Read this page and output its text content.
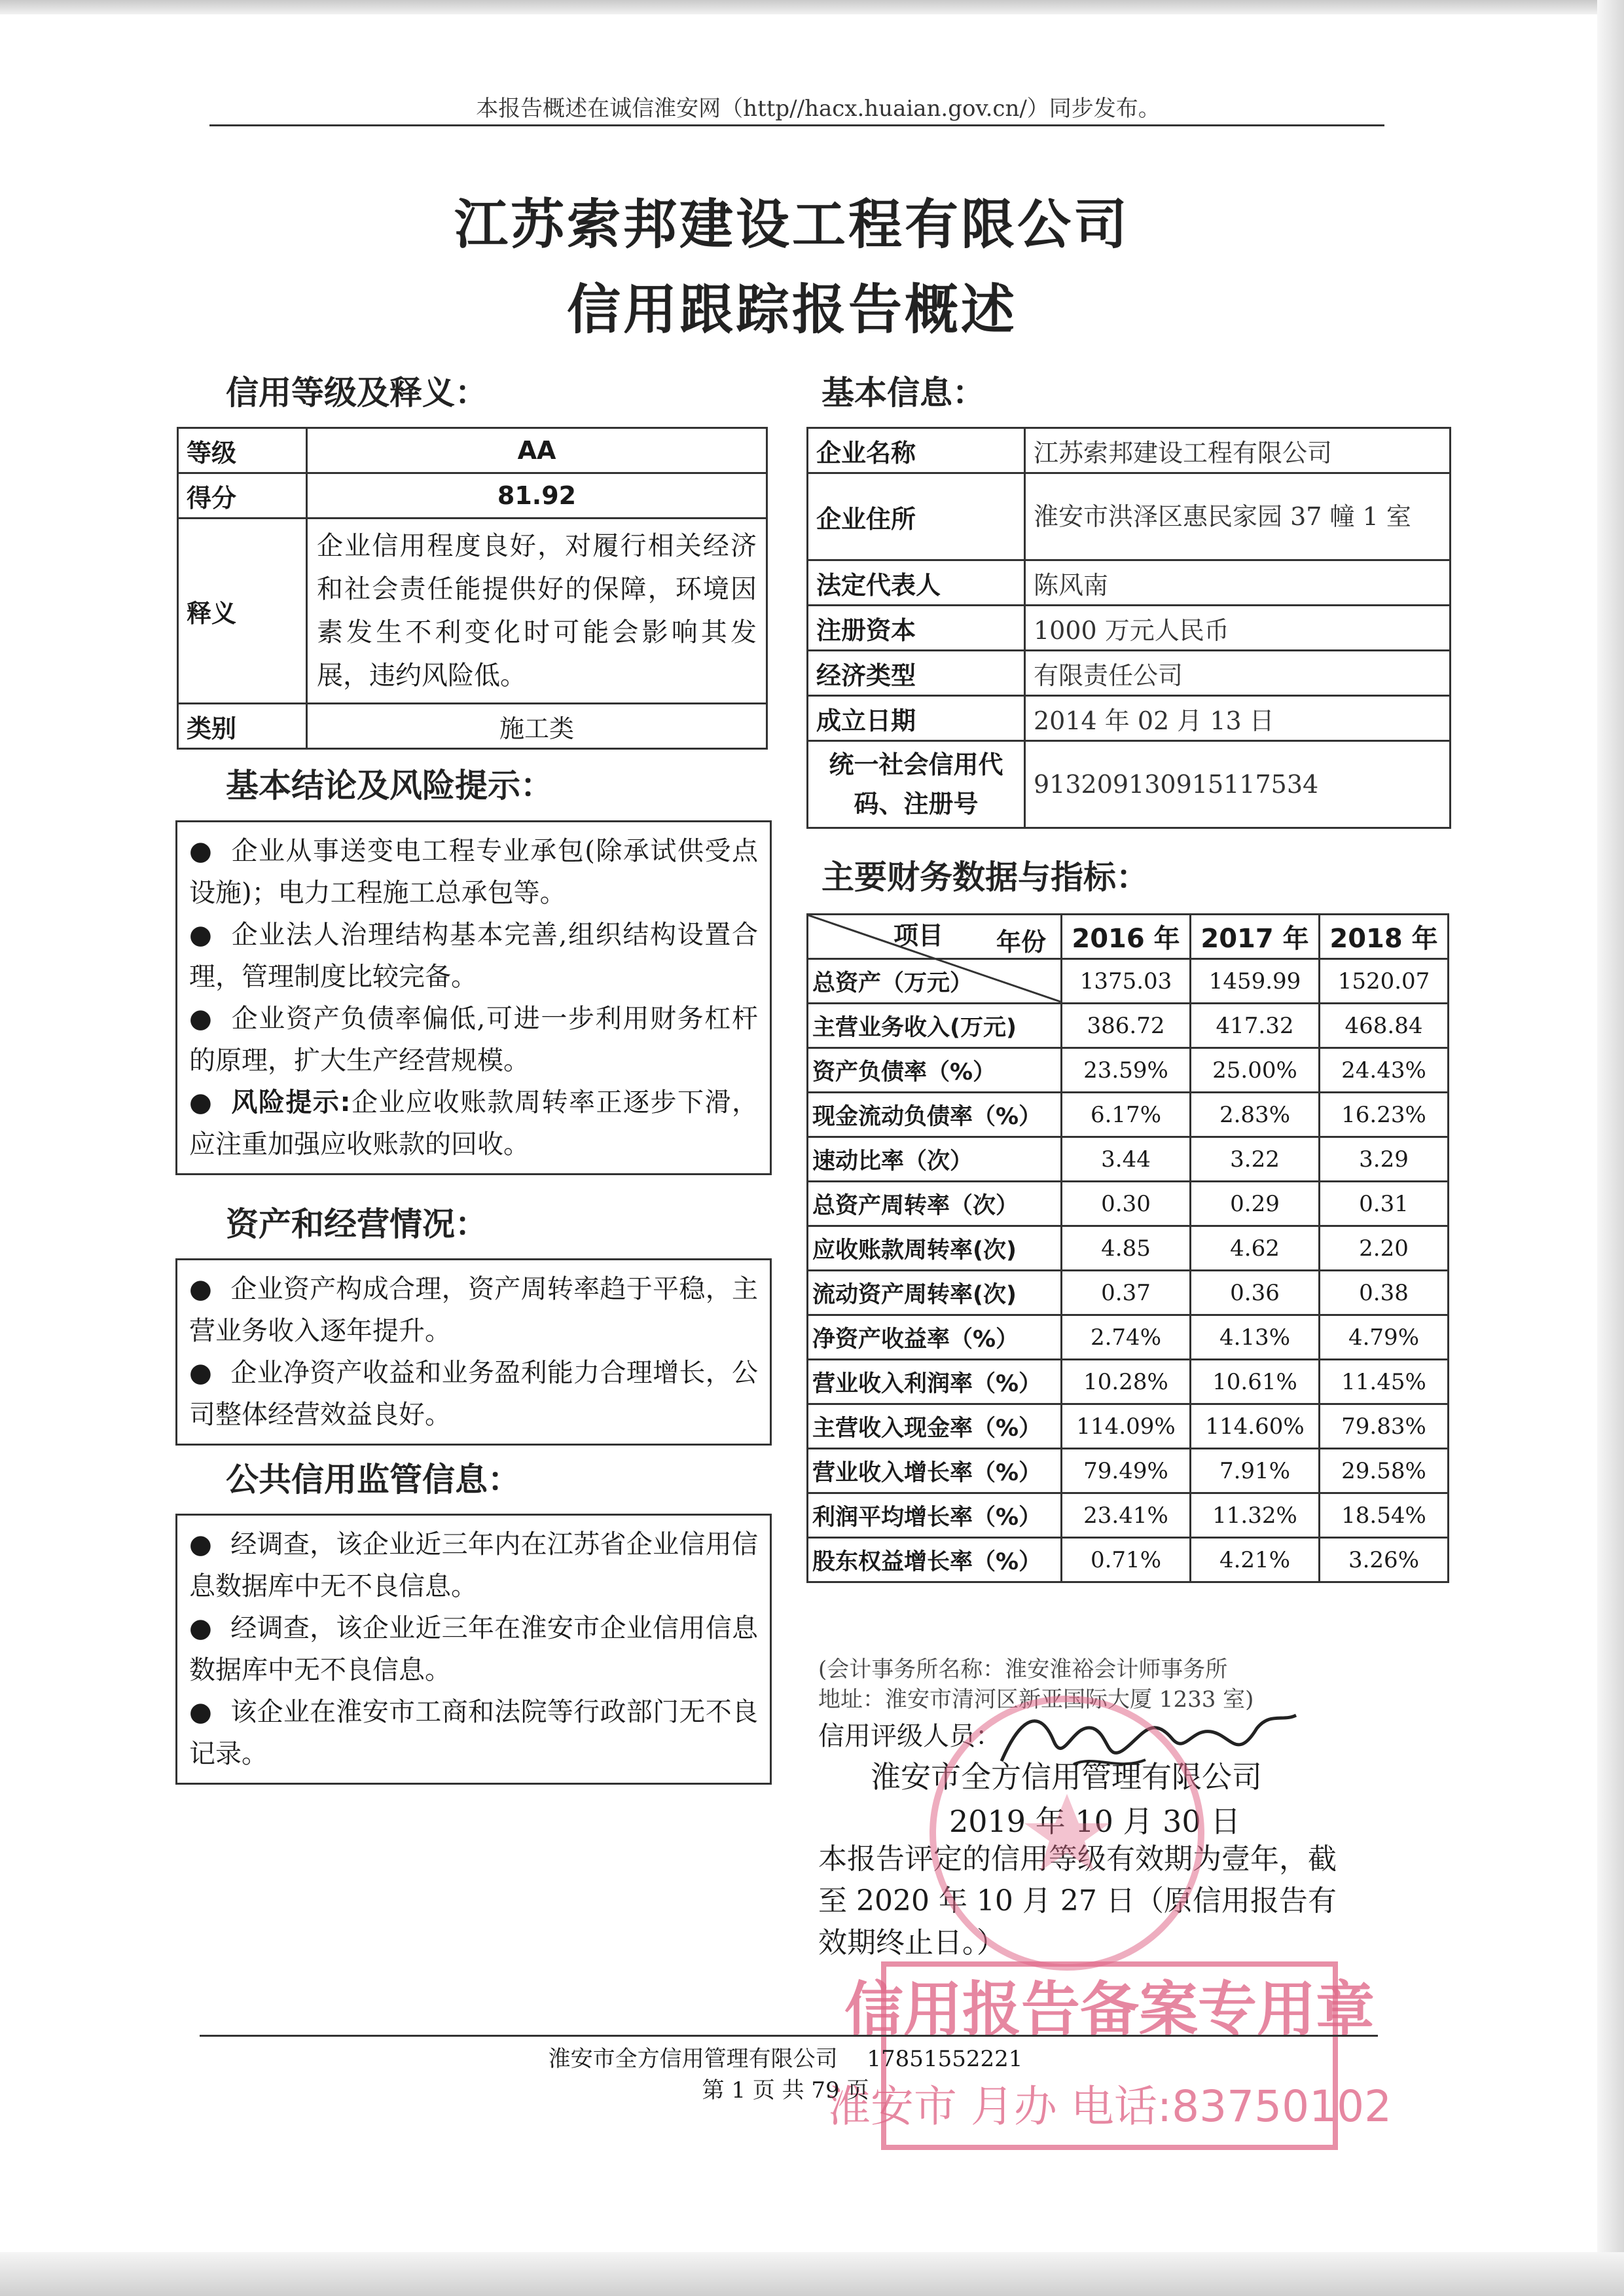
本报告概述在诚信淮安网（http//hacx.huaian.gov.cn/）同步发布。
江苏索邦建设工程有限公司
信用跟踪报告概述
信用等级及释义：
等级	AA
得分	81.92
释义	企业信用程度良好，对履行相关经济和社会责任能提供好的保障，环境因素发生不利变化时可能会影响其发展，违约风险低。
类别	施工类
基本结论及风险提示：

● 企业从事送变电工程专业承包(除承试供受点设施)；电力工程施工总承包等。

● 企业法人治理结构基本完善,组织结构设置合理，管理制度比较完备。

● 企业资产负债率偏低,可进一步利用财务杠杆的原理，扩大生产经营规模。

● 风险提示:企业应收账款周转率正逐步下滑，应注重加强应收账款的回收。

资产和经营情况：

● 企业资产构成合理，资产周转率趋于平稳，主营业务收入逐年提升。

● 企业净资产收益和业务盈利能力合理增长，公司整体经营效益良好。

公共信用监管信息：

● 经调查，该企业近三年内在江苏省企业信用信息数据库中无不良信息。

● 经调查，该企业近三年在淮安市企业信用信息数据库中无不良信息。

● 该企业在淮安市工商和法院等行政部门无不良记录。

基本信息：
企业名称	江苏索邦建设工程有限公司
企业住所	淮安市洪泽区惠民家园 37 幢 1 室
法定代表人	陈风南
注册资本	1000 万元人民币
经济类型	有限责任公司
成立日期	2014 年 02 月 13 日
统一社会信用代码、注册号	91320913091511753​4
主要财务数据与指标：
年份
项目	2016 年	2017 年	2018 年
总资产（万元）	1375.03	1459.99	1520.07
主营业务收入(万元)	386.72	417.32	468.84
资产负债率（%）	23.59%	25.00%	24.43%
现金流动负债率（%）	6.17%	2.83%	16.23%
速动比率（次）	3.44	3.22	3.29
总资产周转率（次）	0.30	0.29	0.31
应收账款周转率(次)	4.85	4.62	2.20
流动资产周转率(次)	0.37	0.36	0.38
净资产收益率（%）	2.74%	4.13%	4.79%
营业收入利润率（%）	10.28%	10.61%	11.45%
主营收入现金率（%）	114.09%	114.60%	79.83%
营业收入增长率（%）	79.49%	7.91%	29.58%
利润平均增长率（%）	23.41%	11.32%	18.54%
股东权益增长率（%）	0.71%	4.21%	3.26%
(会计事务所名称：淮安淮裕会计师事务所
地址：淮安市清河区新亚国际大厦 1233 室)
信用评级人员：
淮安市全方信用管理有限公司
2019 年 10 月 30 日
本报告评定的信用等级有效期为壹年，截至 2020 年 10 月 27 日（原信用报告有效期终止日。）
信用报告备案专用章
淮安市 月办 电话:83750102
淮安市全方信用管理有限公司　 17851552221
第 1 页 共 79 页
